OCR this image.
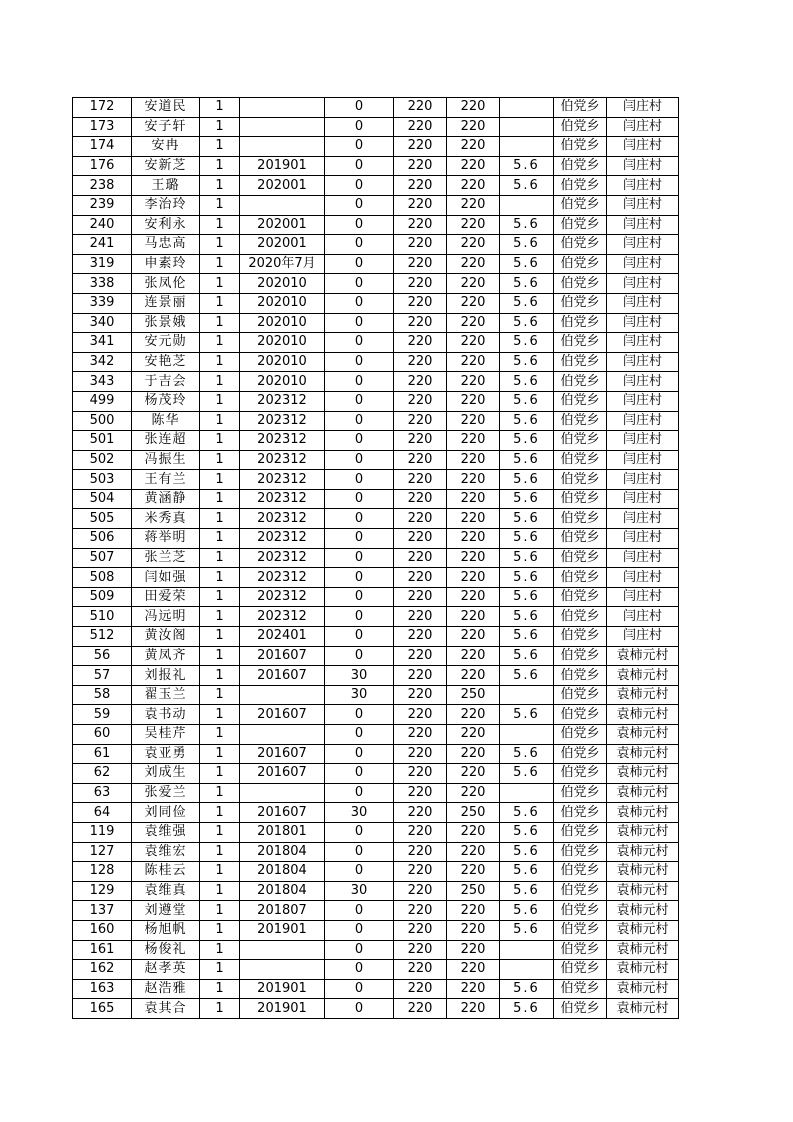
172	安道民	1		0	220	220		伯党乡	闫庄村
173	安子轩	1		0	220	220		伯党乡	闫庄村
174	安冉	1		0	220	220		伯党乡	闫庄村
176	安新芝	1	201901	0	220	220	5.6	伯党乡	闫庄村
238	王璐	1	202001	0	220	220	5.6	伯党乡	闫庄村
239	李治玲	1		0	220	220		伯党乡	闫庄村
240	安利永	1	202001	0	220	220	5.6	伯党乡	闫庄村
241	马忠高	1	202001	0	220	220	5.6	伯党乡	闫庄村
319	申素玲	1	2020年7月	0	220	220	5.6	伯党乡	闫庄村
338	张凤伦	1	202010	0	220	220	5.6	伯党乡	闫庄村
339	连景丽	1	202010	0	220	220	5.6	伯党乡	闫庄村
340	张景娥	1	202010	0	220	220	5.6	伯党乡	闫庄村
341	安元勋	1	202010	0	220	220	5.6	伯党乡	闫庄村
342	安艳芝	1	202010	0	220	220	5.6	伯党乡	闫庄村
343	于吉会	1	202010	0	220	220	5.6	伯党乡	闫庄村
499	杨茂玲	1	202312	0	220	220	5.6	伯党乡	闫庄村
500	陈华	1	202312	0	220	220	5.6	伯党乡	闫庄村
501	张连超	1	202312	0	220	220	5.6	伯党乡	闫庄村
502	冯振生	1	202312	0	220	220	5.6	伯党乡	闫庄村
503	王有兰	1	202312	0	220	220	5.6	伯党乡	闫庄村
504	黄涵静	1	202312	0	220	220	5.6	伯党乡	闫庄村
505	米秀真	1	202312	0	220	220	5.6	伯党乡	闫庄村
506	蒋举明	1	202312	0	220	220	5.6	伯党乡	闫庄村
507	张兰芝	1	202312	0	220	220	5.6	伯党乡	闫庄村
508	闫如强	1	202312	0	220	220	5.6	伯党乡	闫庄村
509	田爱荣	1	202312	0	220	220	5.6	伯党乡	闫庄村
510	冯远明	1	202312	0	220	220	5.6	伯党乡	闫庄村
512	黄汝阁	1	202401	0	220	220	5.6	伯党乡	闫庄村
56	黄凤齐	1	201607	0	220	220	5.6	伯党乡	袁柿元村
57	刘报礼	1	201607	30	220	220	5.6	伯党乡	袁柿元村
58	翟玉兰	1		30	220	250		伯党乡	袁柿元村
59	袁书动	1	201607	0	220	220	5.6	伯党乡	袁柿元村
60	吴桂芹	1		0	220	220		伯党乡	袁柿元村
61	袁亚勇	1	201607	0	220	220	5.6	伯党乡	袁柿元村
62	刘成生	1	201607	0	220	220	5.6	伯党乡	袁柿元村
63	张爱兰	1		0	220	220		伯党乡	袁柿元村
64	刘同俭	1	201607	30	220	250	5.6	伯党乡	袁柿元村
119	袁维强	1	201801	0	220	220	5.6	伯党乡	袁柿元村
127	袁维宏	1	201804	0	220	220	5.6	伯党乡	袁柿元村
128	陈桂云	1	201804	0	220	220	5.6	伯党乡	袁柿元村
129	袁维真	1	201804	30	220	250	5.6	伯党乡	袁柿元村
137	刘遵堂	1	201807	0	220	220	5.6	伯党乡	袁柿元村
160	杨旭帆	1	201901	0	220	220	5.6	伯党乡	袁柿元村
161	杨俊礼	1		0	220	220		伯党乡	袁柿元村
162	赵孝英	1		0	220	220		伯党乡	袁柿元村
163	赵浩雅	1	201901	0	220	220	5.6	伯党乡	袁柿元村
165	袁其合	1	201901	0	220	220	5.6	伯党乡	袁柿元村
